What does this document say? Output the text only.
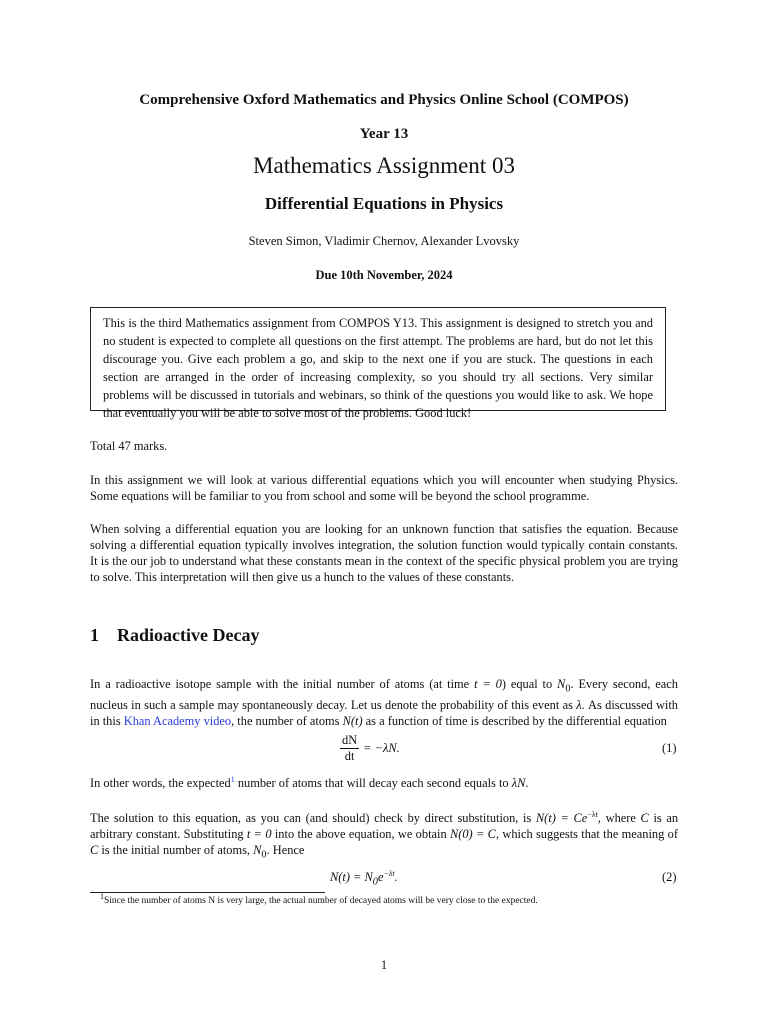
Comprehensive Oxford Mathematics and Physics Online School (COMPOS)
Year 13
Mathematics Assignment 03
Differential Equations in Physics
Steven Simon, Vladimir Chernov, Alexander Lvovsky
Due 10th November, 2024
This is the third Mathematics assignment from COMPOS Y13. This assignment is designed to stretch you and no student is expected to complete all questions on the first attempt. The problems are hard, but do not let this discourage you. Give each problem a go, and skip to the next one if you are stuck. The questions in each section are arranged in the order of increasing complexity, so you should try all sections. Very similar problems will be discussed in tutorials and webinars, so think of the questions you would like to ask. We hope that eventually you will be able to solve most of the problems. Good luck!
Total 47 marks.
In this assignment we will look at various differential equations which you will encounter when studying Physics. Some equations will be familiar to you from school and some will be beyond the school programme.
When solving a differential equation you are looking for an unknown function that satisfies the equation. Because solving a differential equation typically involves integration, the solution function would typically contain constants. It is the our job to understand what these constants mean in the context of the specific physical problem you are trying to solve. This interpretation will then give us a hunch to the values of these constants.
1 Radioactive Decay
In a radioactive isotope sample with the initial number of atoms (at time t = 0) equal to $N_0$. Every second, each nucleus in such a sample may spontaneously decay. Let us denote the probability of this event as λ. As discussed with in this Khan Academy video, the number of atoms N(t) as a function of time is described by the differential equation
$\frac{dN}{dt} = -\lambda N$.	(1)
In other words, the expected$^1$ number of atoms that will decay each second equals to λN.
The solution to this equation, as you can (and should) check by direct substitution, is $N(t) = Ce^{-\lambda t}$, where C is an arbitrary constant. Substituting t = 0 into the above equation, we obtain N(0) = C, which suggests that the meaning of C is the initial number of atoms, $N_0$. Hence
$N(t) = N_0e^{-\lambda t}$.	(2)
$^1$Since the number of atoms N is very large, the actual number of decayed atoms will be very close to the expected.
1
